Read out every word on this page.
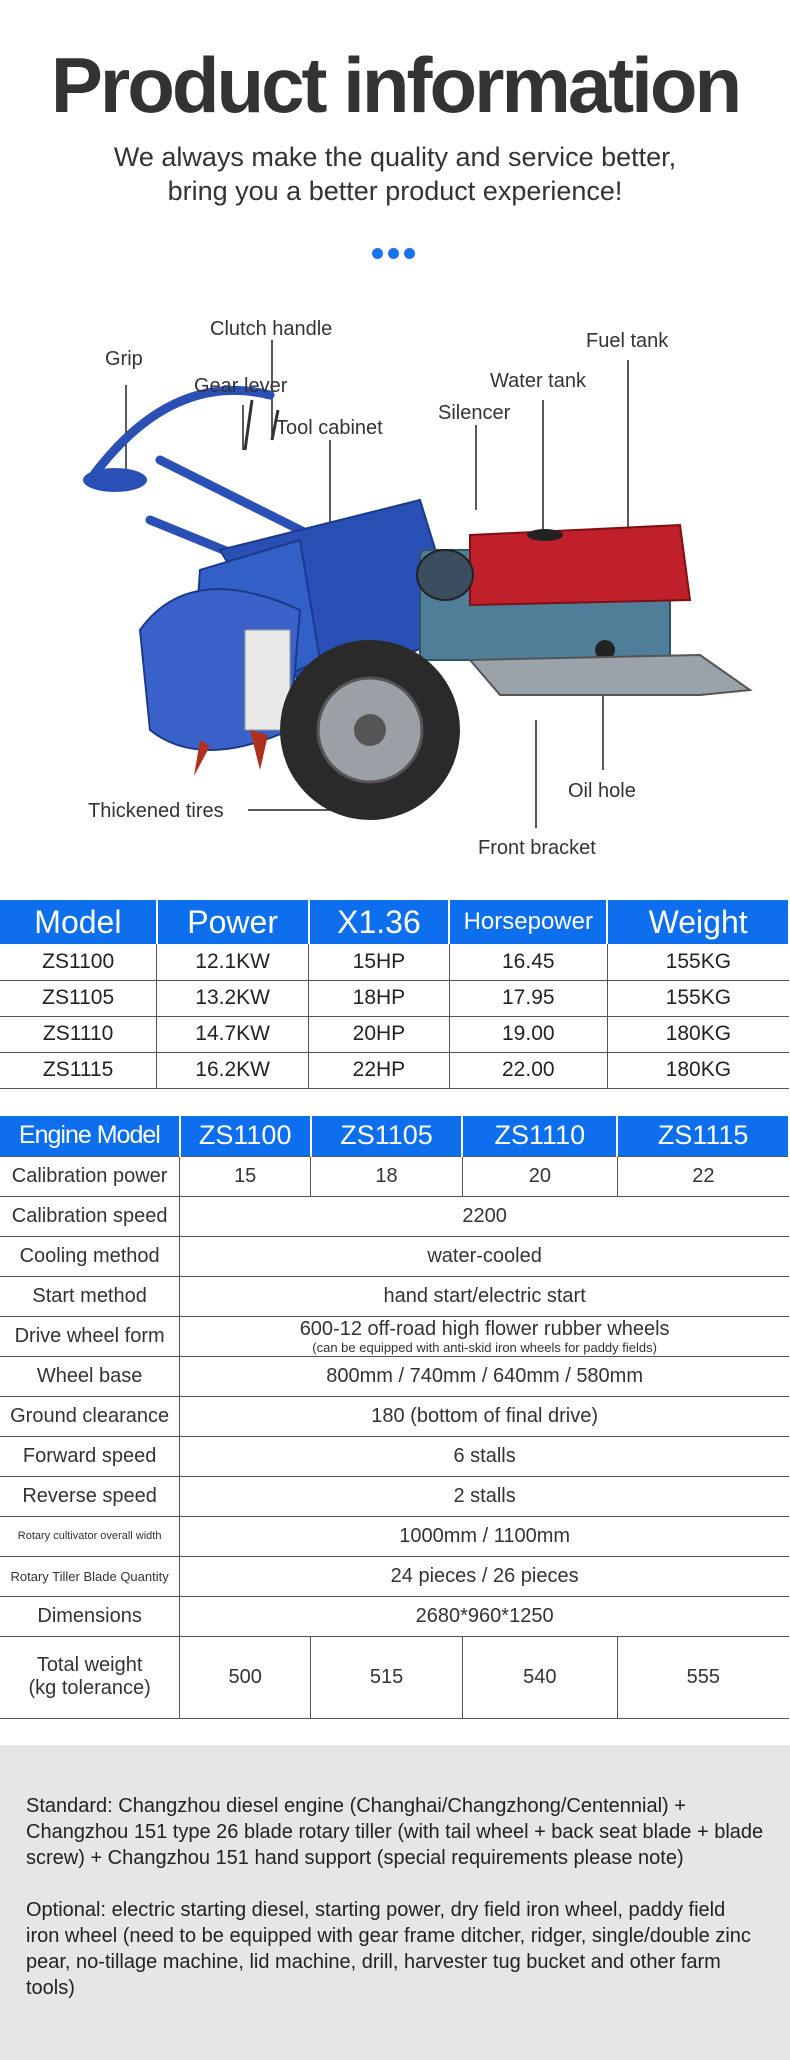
Product information
We always make the quality and service better,
bring you a better product experience!
Clutch handle
Grip
Gear lever
Tool cabinet
Fuel tank
Water tank
Silencer
Oil hole
Thickened tires
Front bracket
Model	Power	X1.36	Horsepower	Weight
ZS1100	12.1KW	15HP	16.45	155KG
ZS1105	13.2KW	18HP	17.95	155KG
ZS1110	14.7KW	20HP	19.00	180KG
ZS1115	16.2KW	22HP	22.00	180KG
Engine Model	ZS1100	ZS1105	ZS1110	ZS1115
Calibration power	15	18	20	22
Calibration speed	2200			
Cooling method	water-cooled			
Start method	hand start/electric start			
Drive wheel form	600-12 off-road high flower rubber wheels
(can be equipped with anti-skid iron wheels for paddy fields)			

Wheel base	800mm / 740mm / 640mm / 580mm			
Ground clearance	180 (bottom of final drive)			
Forward speed	6 stalls			
Reverse speed	2 stalls			
Rotary cultivator overall width	1000mm / 1100mm			
Rotary Tiller Blade Quantity	24 pieces / 26 pieces			
Dimensions	2680*960*1250			

Total weight
(kg tolerance)	500	515	540	555

Standard: Changzhou diesel engine (Changhai/Changzhong/Centennial) + Changzhou 151 type 26 blade rotary tiller (with tail wheel + back seat blade + blade screw) + Changzhou 151 hand support (special requirements please note)

Optional: electric starting diesel, starting power, dry field iron wheel, paddy field iron wheel (need to be equipped with gear frame ditcher, ridger, single/double zinc pear, no-tillage machine, lid machine, drill, harvester tug bucket and other farm tools)
